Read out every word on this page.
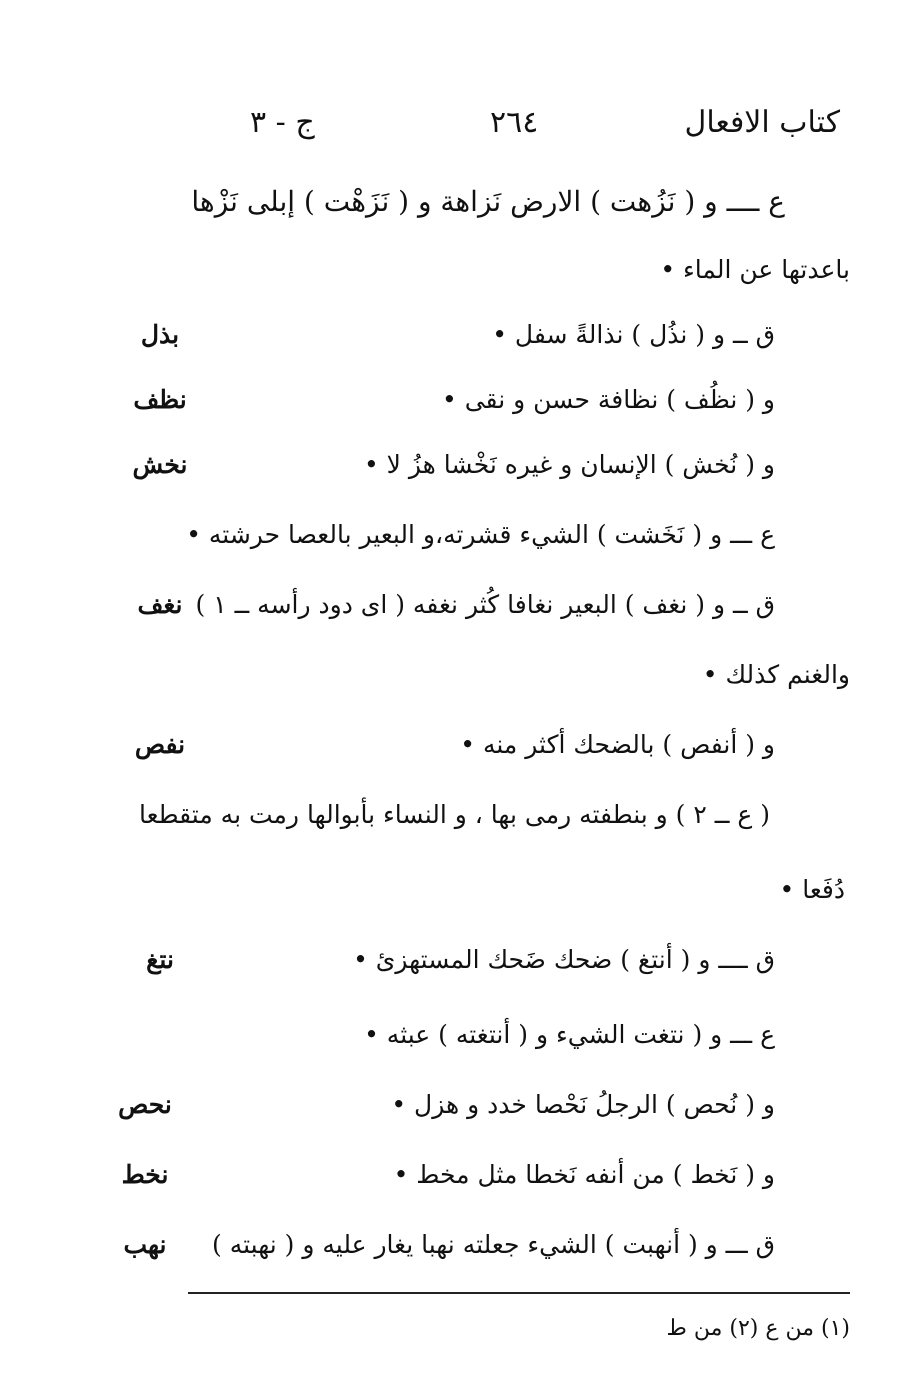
كتاب الافعال
٢٦٤
ج - ٣
ع ــــ و ( نَزُهت ) الارض نَزاهة و ( نَزَهْت ) إبلى نَزْها
باعدتها عن الماء •
ق ــ و ( نذُل ) نذالةً سفل •
و ( نظُف ) نظافة حسن و نقى •
و ( نُخش ) الإنسان و غيره نَخْشا هزُ لا •
ع ـــ و ( نَخَشت ) الشيء قشرته،و البعير بالعصا حرشته •
ق ــ و ( نغف ) البعير نغافا كُثر نغفه ( اى دود رأسه ــ ١ )
والغنم كذلك •
و ( أنفص ) بالضحك أكثر منه •
( ع ــ ٢ ) و بنطفته رمى بها ، و النساء بأبوالها رمت به متقطعا
دُفَعا •
ق ــــ و ( أنتغ ) ضحك ضَحك المستهزئ •
ع ـــ و ( نتغت الشيء و ( أنتغته ) عبثه •
و ( نُحص ) الرجلُ نَحْصا خدد و هزل •
و ( نَخط ) من أنفه نَخطا مثل مخط •
ق ـــ و ( أنهبت ) الشيء جعلته نهبا يغار عليه و ( نهبته )
بذل
نظف
نخش
نغف
نفص
نتغ
نحص
نخط
نهب
(١) من ع (٢) من ط
